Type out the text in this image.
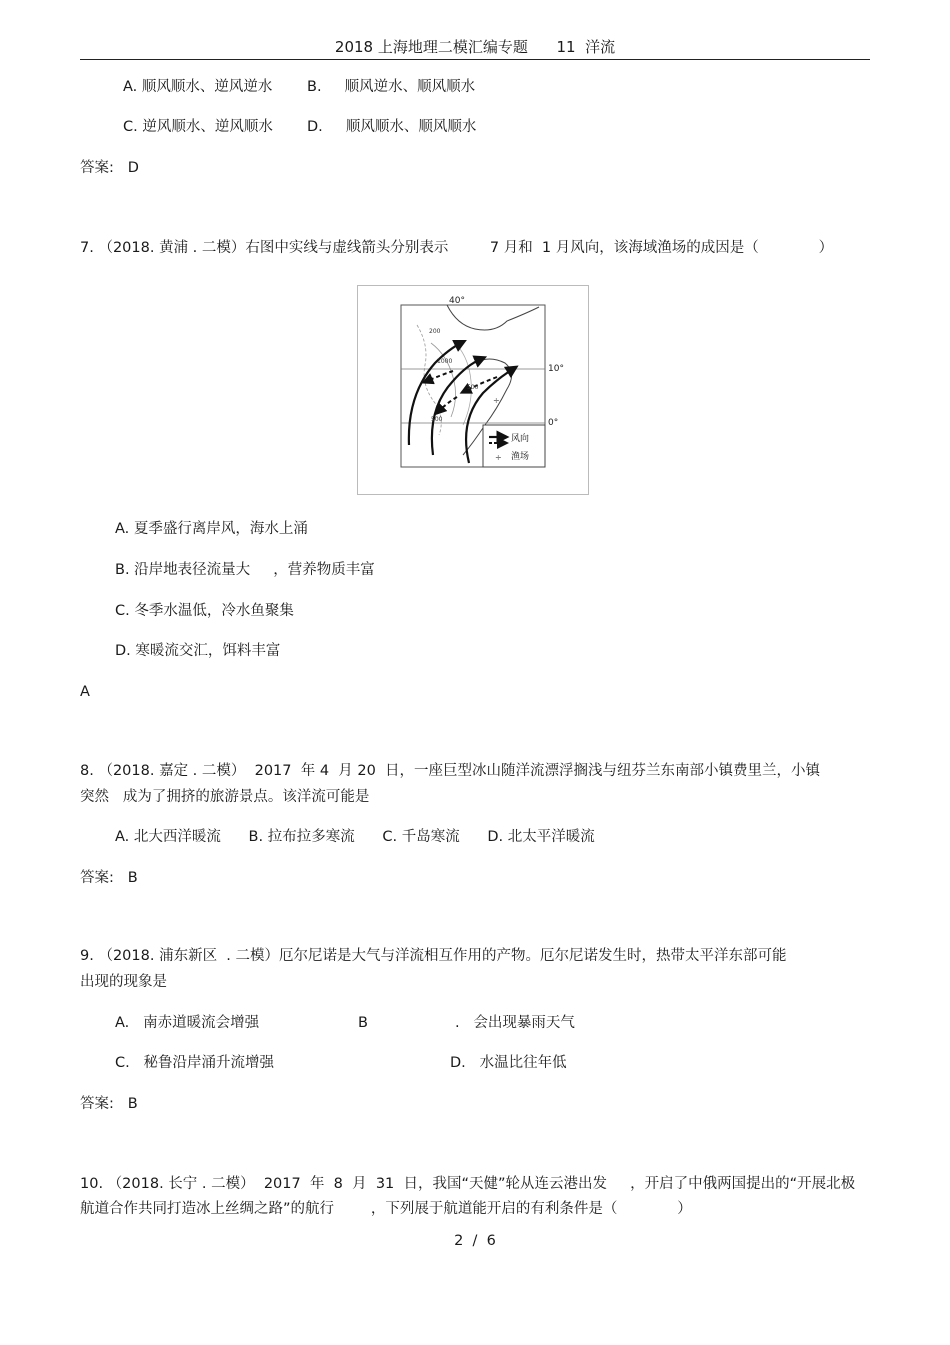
2018 上海地理二模汇编专题      11  洋流
A. 顺风顺水、逆风逆水 B.     顺风逆水、顺风顺水
C. 逆风顺水、逆风顺水 D.     顺风顺水、顺风顺水
答案:   D
7. （2018. 黄浦 . 二模）右图中实线与虚线箭头分别表示         7 月和  1 月风向，该海域渔场的成因是（             ）
÷
40°
10°
0°
200
1000
500
500
风向
÷ 渔场
A. 夏季盛行离岸风，海水上涌
B. 沿岸地表径流量大     ，营养物质丰富
C. 冬季水温低，冷水鱼聚集
D. 寒暖流交汇，饵料丰富
A
8. （2018. 嘉定 . 二模）  2017  年 4  月 20  日，一座巨型冰山随洋流漂浮搁浅与纽芬兰东南部小镇费里兰，小镇
突然   成为了拥挤的旅游景点。该洋流可能是
A. 北大西洋暖流      B. 拉布拉多寒流      C. 千岛寒流      D. 北太平洋暖流
答案:   B
9. （2018. 浦东新区  . 二模）厄尔尼诺是大气与洋流相互作用的产物。厄尔尼诺发生时，热带太平洋东部可能
出现的现象是
A.   南赤道暖流会增强	B	.   会出现暴雨天气
C.   秘鲁沿岸涌升流增强	D.   水温比往年低
答案:   B
10. （2018. 长宁 . 二模）  2017  年  8  月  31  日，我国“天健”轮从连云港出发     ，开启了中俄两国提出的“开展北极
航道合作共同打造冰上丝绸之路”的航行        ，下列展于航道能开启的有利条件是（             ）
2  /  6
